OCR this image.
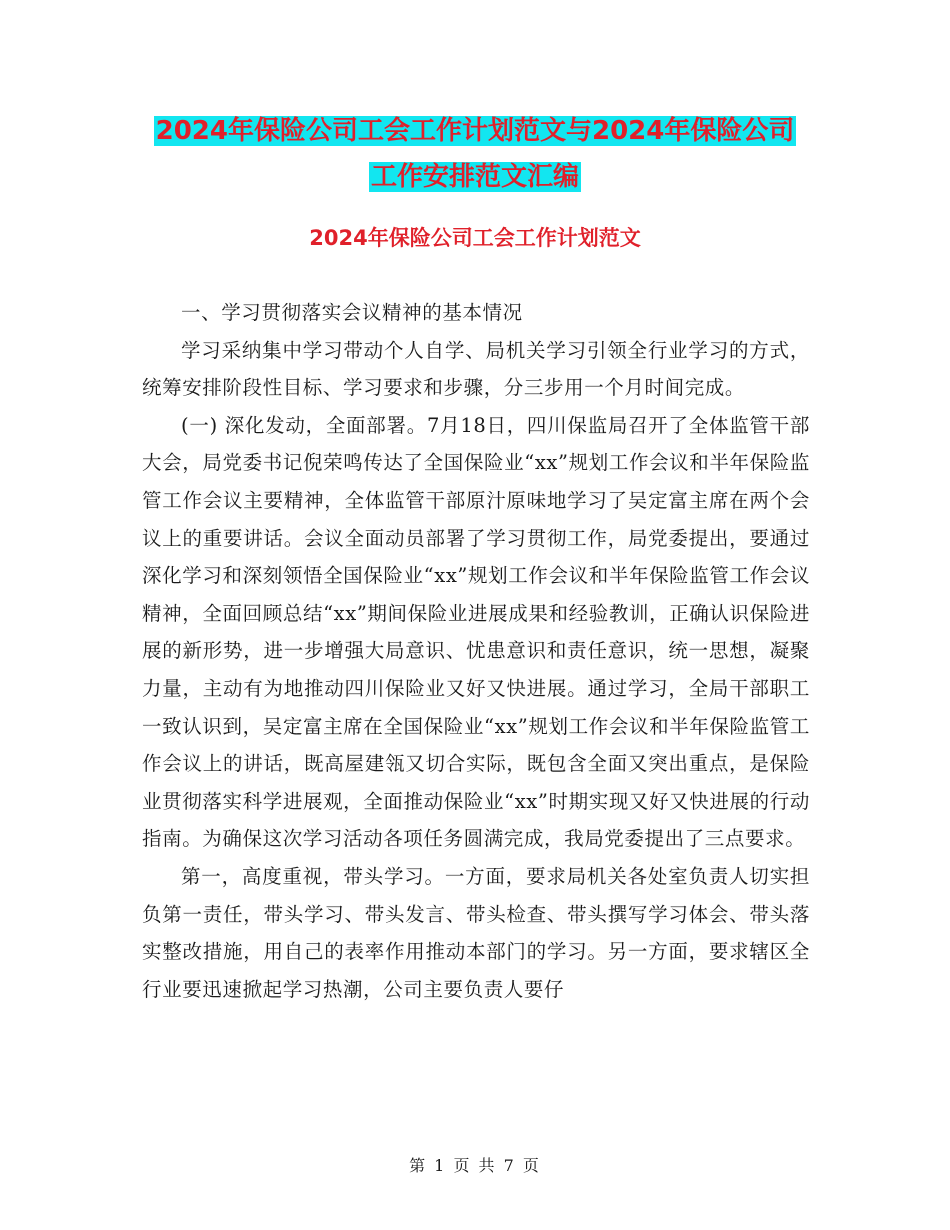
2024年保险公司工会工作计划范文与2024年保险公司
工作安排范文汇编
2024年保险公司工会工作计划范文

一、学习贯彻落实会议精神的基本情况

学习采纳集中学习带动个人自学、局机关学习引领全行业学习的方式，统筹安排阶段性目标、学习要求和步骤，分三步用一个月时间完成。

(一) 深化发动，全面部署。7月18日，四川保监局召开了全体监管干部大会，局党委书记倪荣鸣传达了全国保险业“xx”规划工作会议和半年保险监管工作会议主要精神，全体监管干部原汁原味地学习了吴定富主席在两个会议上的重要讲话。会议全面动员部署了学习贯彻工作，局党委提出，要通过深化学习和深刻领悟全国保险业“xx”规划工作会议和半年保险监管工作会议精神，全面回顾总结“xx”期间保险业进展成果和经验教训，正确认识保险进展的新形势，进一步增强大局意识、忧患意识和责任意识，统一思想，凝聚力量，主动有为地推动四川保险业又好又快进展。通过学习，全局干部职工一致认识到，吴定富主席在全国保险业“xx”规划工作会议和半年保险监管工作会议上的讲话，既高屋建瓴又切合实际，既包含全面又突出重点，是保险业贯彻落实科学进展观，全面推动保险业“xx”时期实现又好又快进展的行动指南。为确保这次学习活动各项任务圆满完成，我局党委提出了三点要求。

第一，高度重视，带头学习。一方面，要求局机关各处室负责人切实担负第一责任，带头学习、带头发言、带头检查、带头撰写学习体会、带头落实整改措施，用自己的表率作用推动本部门的学习。另一方面，要求辖区全行业要迅速掀起学习热潮，公司主要负责人要仔

第 1 页 共 7 页
